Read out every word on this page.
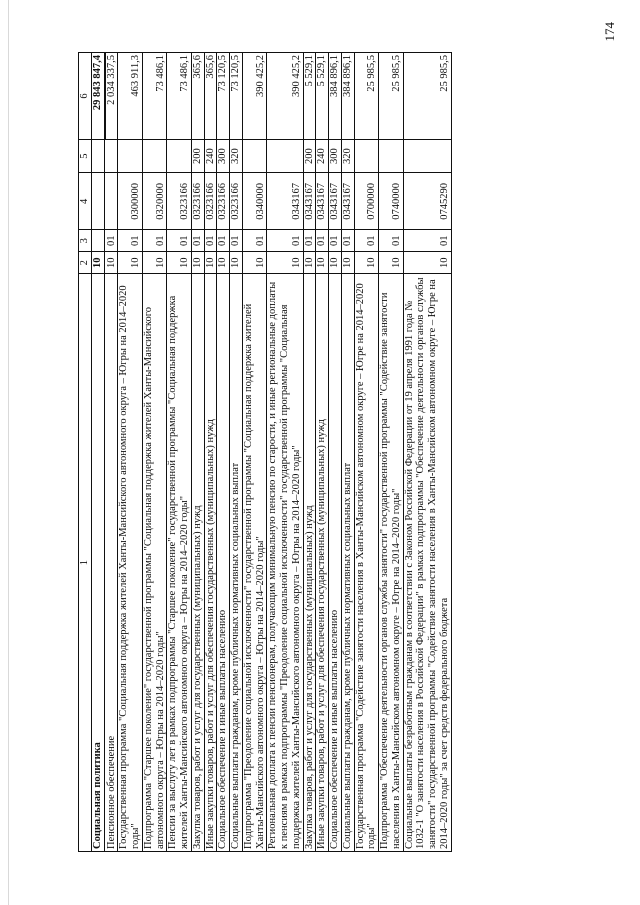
174
1	2	3	4	5	6
Социальная политика	10				29 843 847,4
Пенсионное обеспечение	10	01			2 034 337,5
Государственная программа "Социальная поддержка жителей Ханты-Мансийского автономного округа – Югры на 2014–2020 годы"	10	01	0300000		463 911,3
Подпрограмма "Старшее поколение" государственной программы "Социальная поддержка жителей Ханты-Мансийского автономного округа – Югры на 2014–2020 годы"	10	01	0320000		73 486,1
Пенсии за выслугу лет в рамках подпрограммы "Старшее поколение" государственной программы "Социальная поддержка жителей Ханты-Мансийского автономного округа – Югры на 2014–2020 годы"	10	01	0323166		73 486,1
Закупка товаров, работ и услуг для государственных (муниципальных) нужд	10	01	0323166	200	365,6
Иные закупки товаров, работ и услуг для обеспечения государственных (муниципальных) нужд	10	01	0323166	240	365,6
Социальное обеспечение и иные выплаты населению	10	01	0323166	300	73 120,5
Социальные выплаты гражданам, кроме публичных нормативных социальных выплат	10	01	0323166	320	73 120,5
Подпрограмма "Преодоление социальной исключенности" государственной программы "Социальная поддержка жителей Ханты-Мансийского автономного округа – Югры на 2014–2020 годы"	10	01	0340000		390 425,2
Региональная доплата к пенсии пенсионерам, получающим минимальную пенсию по старости, и иные региональные доплаты к пенсиям в рамках подпрограммы "Преодоление социальной исключенности" государственной программы "Социальная поддержка жителей Ханты-Мансийского автономного округа – Югры на 2014–2020 годы"	10	01	0343167		390 425,2
Закупка товаров, работ и услуг для государственных (муниципальных) нужд	10	01	0343167	200	5 529,1
Иные закупки товаров, работ и услуг для обеспечения государственных (муниципальных) нужд	10	01	0343167	240	5 529,1
Социальное обеспечение и иные выплаты населению	10	01	0343167	300	384 896,1
Социальные выплаты гражданам, кроме публичных нормативных социальных выплат	10	01	0343167	320	384 896,1
Государственная программа "Содействие занятости населения в Ханты-Мансийском автономном округе – Югре на 2014–2020 годы"	10	01	0700000		25 985,5
Подпрограмма "Обеспечение деятельности органов службы занятости" государственной программы "Содействие занятости населения в Ханты-Мансийском автономном округе – Югре на 2014–2020 годы"	10	01	0740000		25 985,5
Социальные выплаты безработным гражданам в соответствии с Законом Российской Федерации от 19 апреля 1991 года № 1032-1 "О занятости населения в Российской Федерации" в рамках подпрограммы "Обеспечение деятельности органов службы занятости" государственной программы "Содействие занятости населения в Ханты-Мансийском автономном округе – Югре на 2014–2020 годы" за счет средств федерального бюджета	10	01	0745290		25 985,5
